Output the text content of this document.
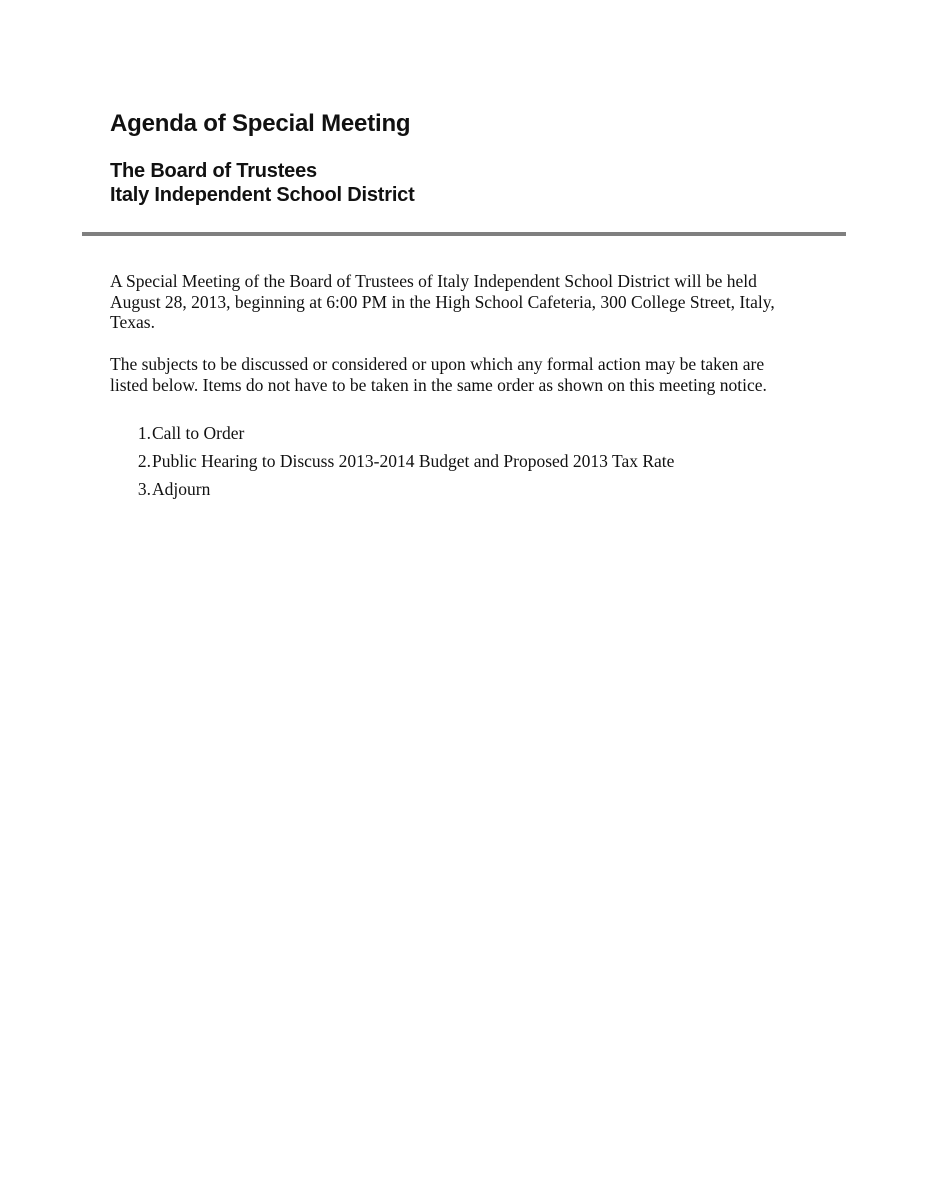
Agenda of Special Meeting
The Board of Trustees
Italy Independent School District

A Special Meeting of the Board of Trustees of Italy Independent School District will be held
August 28, 2013, beginning at 6:00 PM in the High School Cafeteria, 300 College Street, Italy,
Texas.

The subjects to be discussed or considered or upon which any formal action may be taken are
listed below. Items do not have to be taken in the same order as shown on this meeting notice.

1. Call to Order
2. Public Hearing to Discuss 2013-2014 Budget and Proposed 2013 Tax Rate
3. Adjourn
